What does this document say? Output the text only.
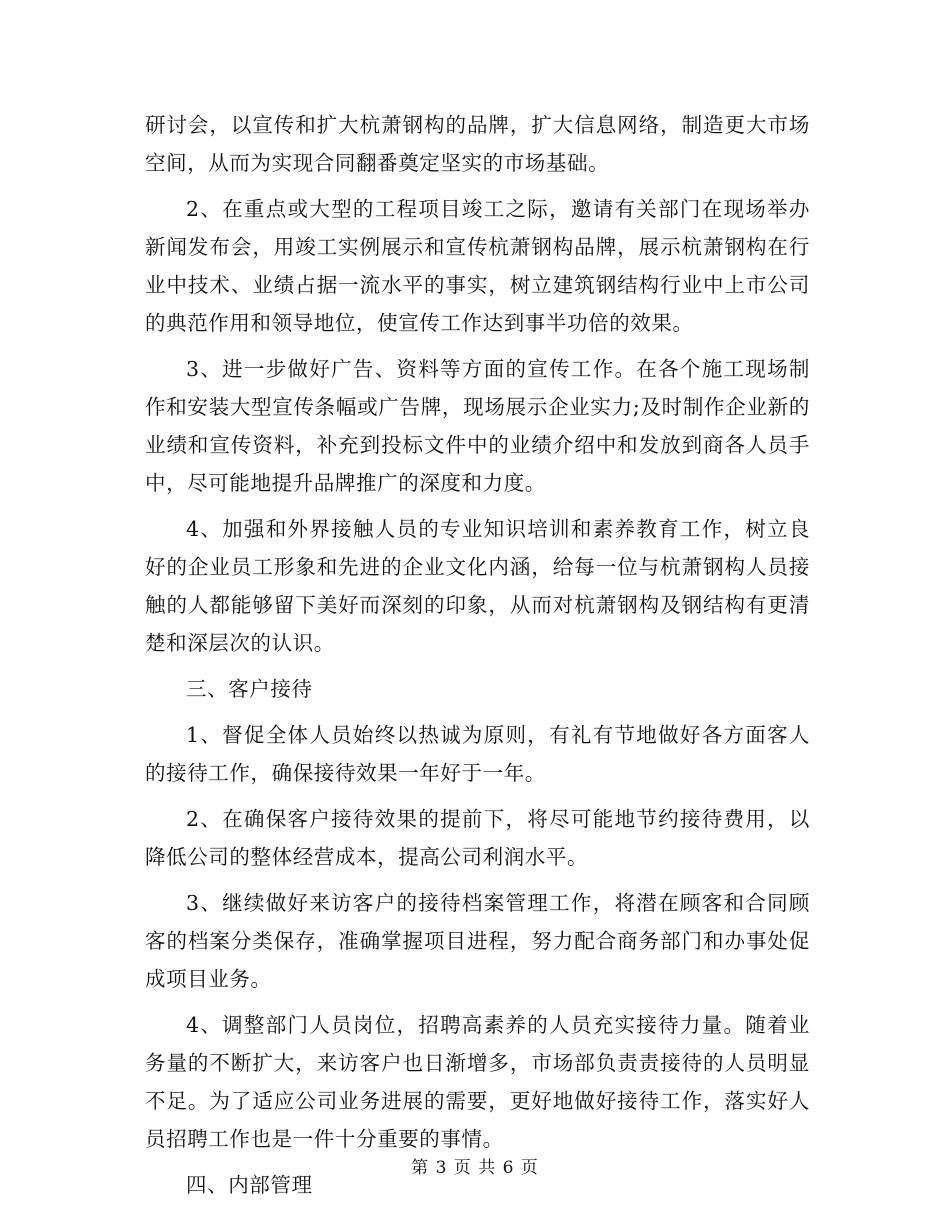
研讨会，以宣传和扩大杭萧钢构的品牌，扩大信息网络，制造更大市场空间，从而为实现合同翻番奠定坚实的市场基础。

2、在重点或大型的工程项目竣工之际，邀请有关部门在现场举办新闻发布会，用竣工实例展示和宣传杭萧钢构品牌，展示杭萧钢构在行业中技术、业绩占据一流水平的事实，树立建筑钢结构行业中上市公司的典范作用和领导地位，使宣传工作达到事半功倍的效果。

3、进一步做好广告、资料等方面的宣传工作。在各个施工现场制作和安装大型宣传条幅或广告牌，现场展示企业实力;及时制作企业新的业绩和宣传资料，补充到投标文件中的业绩介绍中和发放到商各人员手中，尽可能地提升品牌推广的深度和力度。

4、加强和外界接触人员的专业知识培训和素养教育工作，树立良好的企业员工形象和先进的企业文化内涵，给每一位与杭萧钢构人员接触的人都能够留下美好而深刻的印象，从而对杭萧钢构及钢结构有更清楚和深层次的认识。

三、客户接待

1、督促全体人员始终以热诚为原则，有礼有节地做好各方面客人的接待工作，确保接待效果一年好于一年。

2、在确保客户接待效果的提前下，将尽可能地节约接待费用，以降低公司的整体经营成本，提高公司利润水平。

3、继续做好来访客户的接待档案管理工作，将潜在顾客和合同顾客的档案分类保存，准确掌握项目进程，努力配合商务部门和办事处促成项目业务。

4、调整部门人员岗位，招聘高素养的人员充实接待力量。随着业务量的不断扩大，来访客户也日渐增多，市场部负责责接待的人员明显不足。为了适应公司业务进展的需要，更好地做好接待工作，落实好人员招聘工作也是一件十分重要的事情。

四、内部管理

第 3 页 共 6 页
